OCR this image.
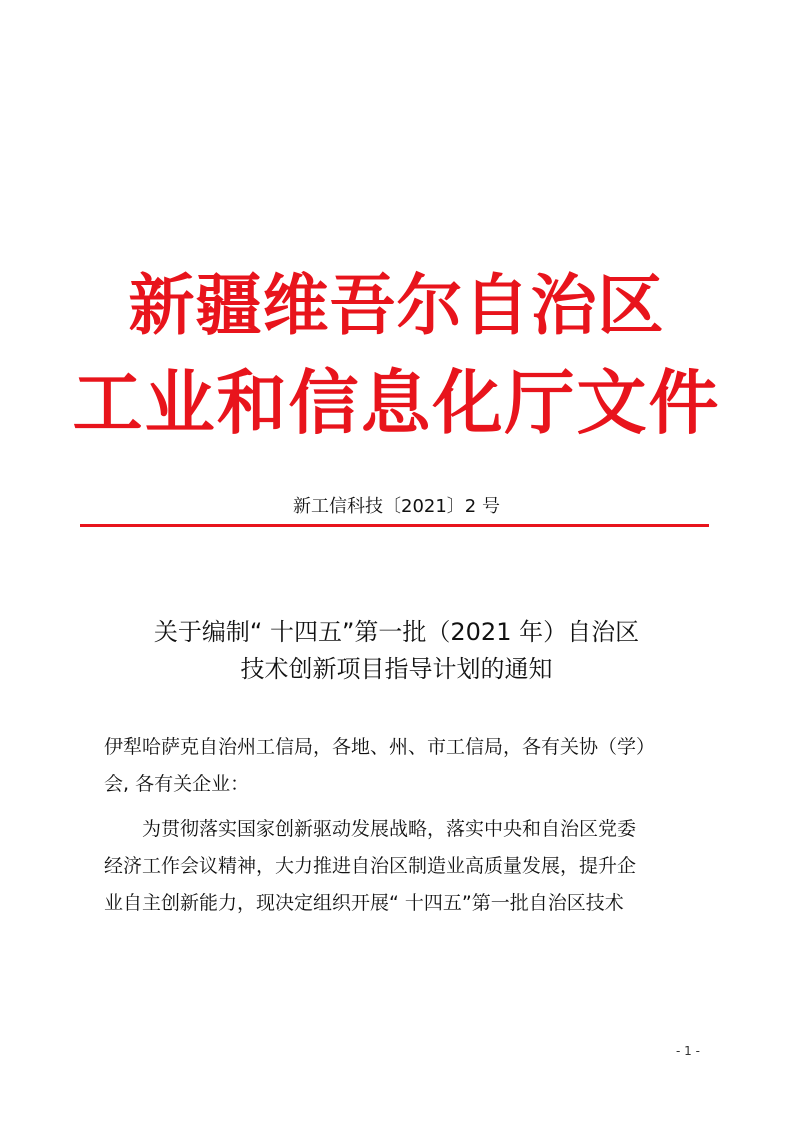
新疆维吾尔自治区
工业和信息化厅文件
新工信科技〔2021〕2 号
关于编制“ 十四五”第一批（2021 年）自治区
技术创新项目指导计划的通知
伊犁哈萨克自治州工信局，各地、州、市工信局，各有关协（学）
会, 各有关企业：
为贯彻落实国家创新驱动发展战略，落实中央和自治区党委
经济工作会议精神，大力推进自治区制造业高质量发展，提升企
业自主创新能力，现决定组织开展“ 十四五”第一批自治区技术
- 1 -
